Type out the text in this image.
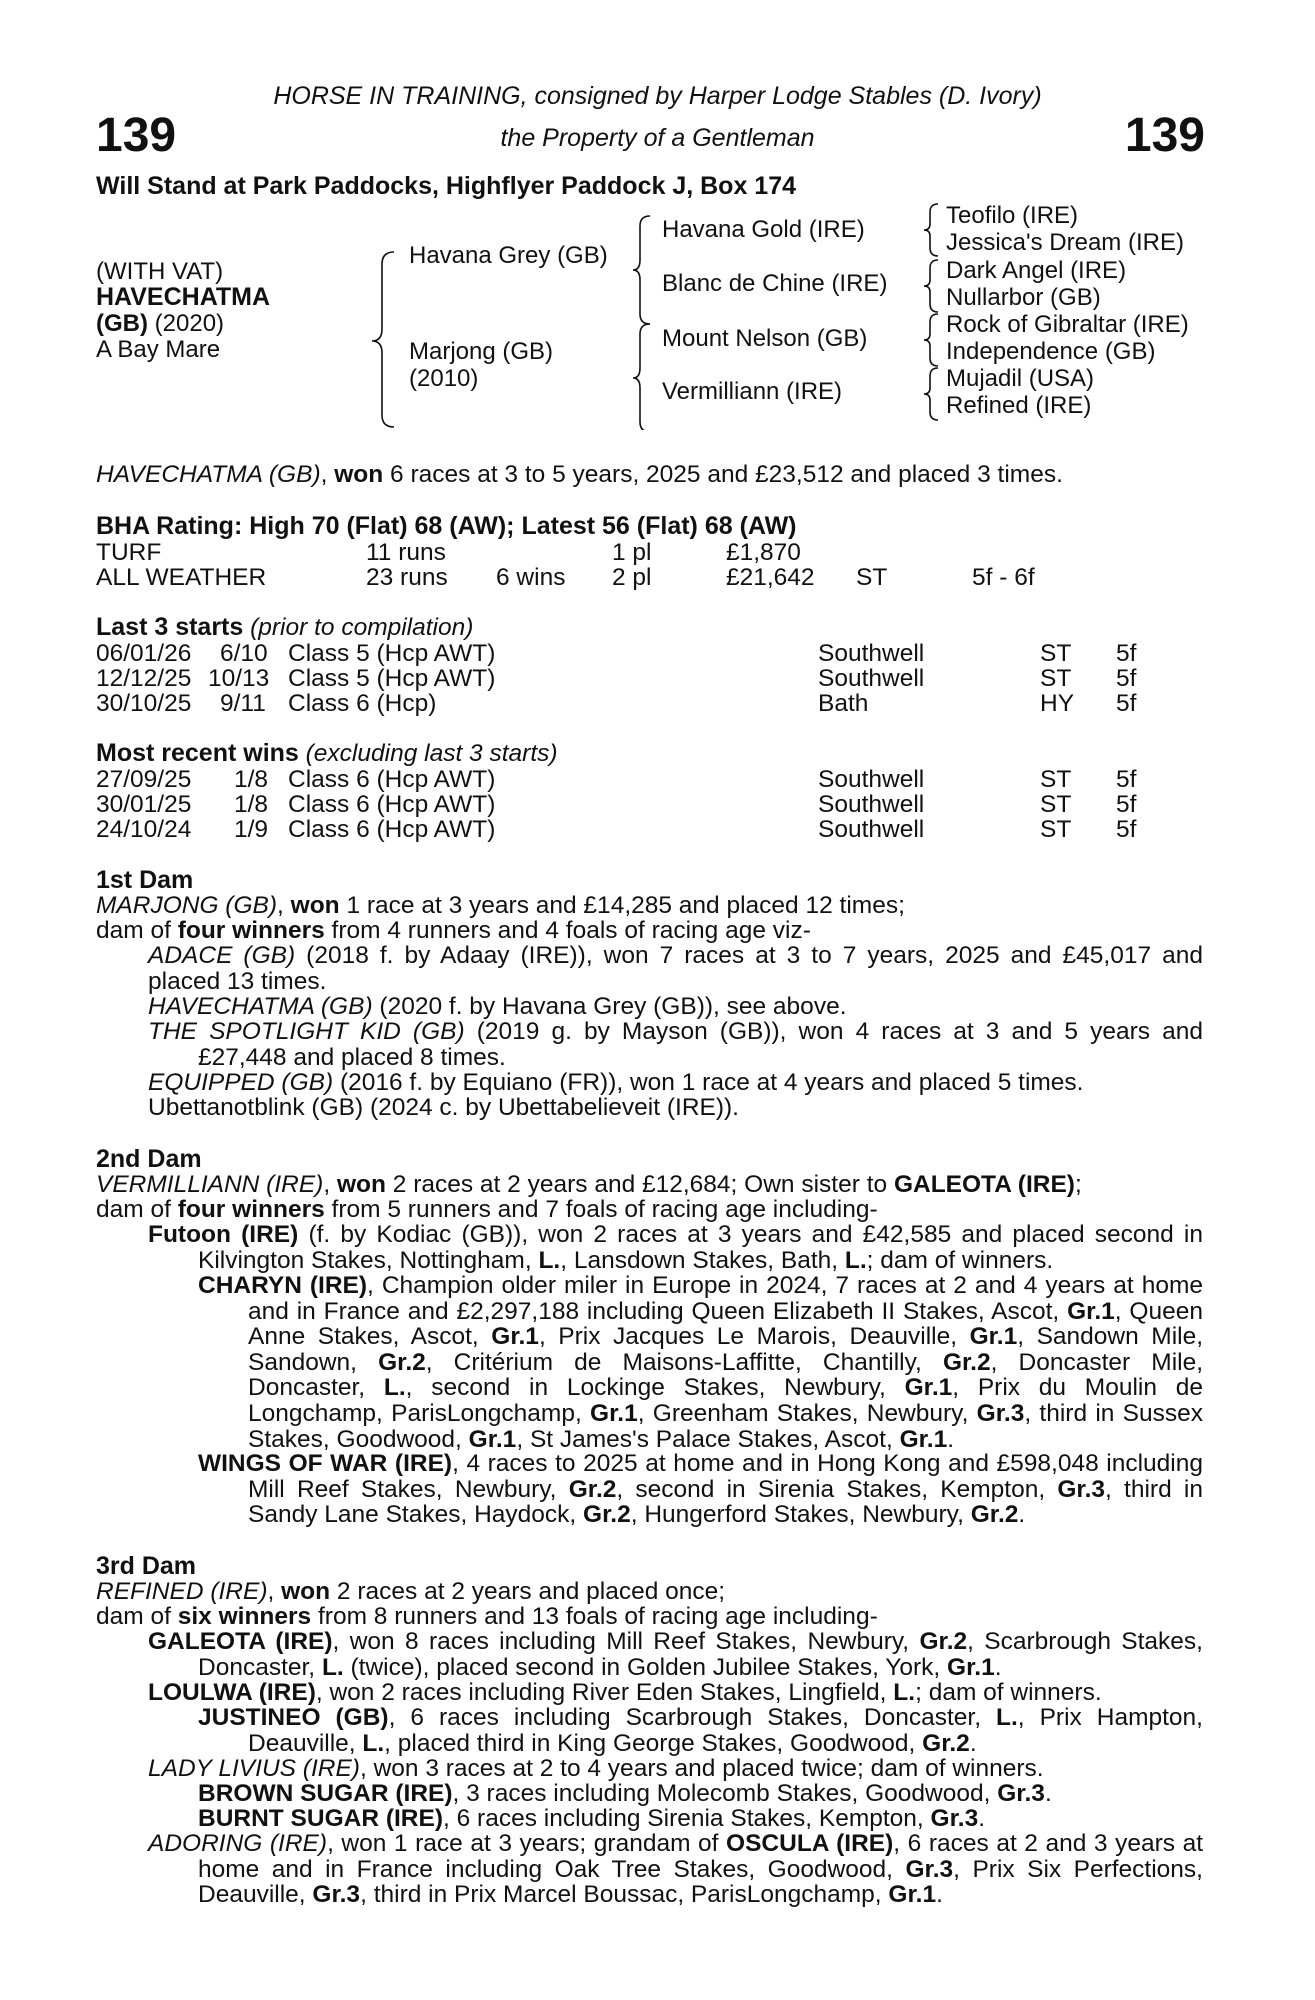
139	139
HORSE IN TRAINING, consigned by Harper Lodge Stables (D. Ivory)
the Property of a Gentleman
Will Stand at Park Paddocks, Highflyer Paddock J, Box 174
(WITH VAT)
HAVECHATMA
(GB) (2020)
A Bay Mare
Havana Grey (GB)
Marjong (GB)
(2010)
Havana Gold (IRE)
Blanc de Chine (IRE)
Mount Nelson (GB)
Vermilliann (IRE)
Teofilo (IRE)
Jessica's Dream (IRE)
Dark Angel (IRE)
Nullarbor (GB)
Rock of Gibraltar (IRE)
Independence (GB)
Mujadil (USA)
Refined (IRE)
HAVECHATMA (GB), won 6 races at 3 to 5 years, 2025 and £23,512 and placed 3 times.
BHA Rating: High 70 (Flat) 68 (AW); Latest 56 (Flat) 68 (AW)
TURF	11 runs	1 pl	£1,870
ALL WEATHER	23 runs 6 wins 2 pl	£21,642 ST	5f - 6f
Last 3 starts (prior to compilation)
06/01/26 6/10 Class 5 (Hcp AWT)	Southwell	ST 5f
12/12/25 10/13 Class 5 (Hcp AWT)	Southwell	ST 5f
30/10/25 9/11 Class 6 (Hcp)	Bath	HY 5f
Most recent wins (excluding last 3 starts)
27/09/25 1/8 Class 6 (Hcp AWT)	Southwell	ST 5f
30/01/25 1/8 Class 6 (Hcp AWT)	Southwell	ST 5f
24/10/24 1/9 Class 6 (Hcp AWT)	Southwell	ST 5f
1st Dam
MARJONG (GB), won 1 race at 3 years and £14,285 and placed 12 times;
dam of four winners from 4 runners and 4 foals of racing age viz-
ADACE (GB) (2018 f. by Adaay (IRE)), won 7 races at 3 to 7 years, 2025 and £45,017 and placed 13 times.
HAVECHATMA (GB) (2020 f. by Havana Grey (GB)), see above.
THE SPOTLIGHT KID (GB) (2019 g. by Mayson (GB)), won 4 races at 3 and 5 years and £27,448 and placed 8 times.
EQUIPPED (GB) (2016 f. by Equiano (FR)), won 1 race at 4 years and placed 5 times.
Ubettanotblink (GB) (2024 c. by Ubettabelieveit (IRE)).
2nd Dam
VERMILLIANN (IRE), won 2 races at 2 years and £12,684; Own sister to GALEOTA (IRE);
dam of four winners from 5 runners and 7 foals of racing age including-
Futoon (IRE) (f. by Kodiac (GB)), won 2 races at 3 years and £42,585 and placed second in Kilvington Stakes, Nottingham, L., Lansdown Stakes, Bath, L.; dam of winners.
CHARYN (IRE), Champion older miler in Europe in 2024, 7 races at 2 and 4 years at home and in France and £2,297,188 including Queen Elizabeth II Stakes, Ascot, Gr.1, Queen Anne Stakes, Ascot, Gr.1, Prix Jacques Le Marois, Deauville, Gr.1, Sandown Mile, Sandown, Gr.2, Critérium de Maisons-Laffitte, Chantilly, Gr.2, Doncaster Mile, Doncaster, L., second in Lockinge Stakes, Newbury, Gr.1, Prix du Moulin de Longchamp, ParisLongchamp, Gr.1, Greenham Stakes, Newbury, Gr.3, third in Sussex Stakes, Goodwood, Gr.1, St James's Palace Stakes, Ascot, Gr.1.
WINGS OF WAR (IRE), 4 races to 2025 at home and in Hong Kong and £598,048 including Mill Reef Stakes, Newbury, Gr.2, second in Sirenia Stakes, Kempton, Gr.3, third in Sandy Lane Stakes, Haydock, Gr.2, Hungerford Stakes, Newbury, Gr.2.
3rd Dam
REFINED (IRE), won 2 races at 2 years and placed once;
dam of six winners from 8 runners and 13 foals of racing age including-
GALEOTA (IRE), won 8 races including Mill Reef Stakes, Newbury, Gr.2, Scarbrough Stakes, Doncaster, L. (twice), placed second in Golden Jubilee Stakes, York, Gr.1.
LOULWA (IRE), won 2 races including River Eden Stakes, Lingfield, L.; dam of winners.
JUSTINEO (GB), 6 races including Scarbrough Stakes, Doncaster, L., Prix Hampton, Deauville, L., placed third in King George Stakes, Goodwood, Gr.2.
LADY LIVIUS (IRE), won 3 races at 2 to 4 years and placed twice; dam of winners.
BROWN SUGAR (IRE), 3 races including Molecomb Stakes, Goodwood, Gr.3.
BURNT SUGAR (IRE), 6 races including Sirenia Stakes, Kempton, Gr.3.
ADORING (IRE), won 1 race at 3 years; grandam of OSCULA (IRE), 6 races at 2 and 3 years at home and in France including Oak Tree Stakes, Goodwood, Gr.3, Prix Six Perfections, Deauville, Gr.3, third in Prix Marcel Boussac, ParisLongchamp, Gr.1.
